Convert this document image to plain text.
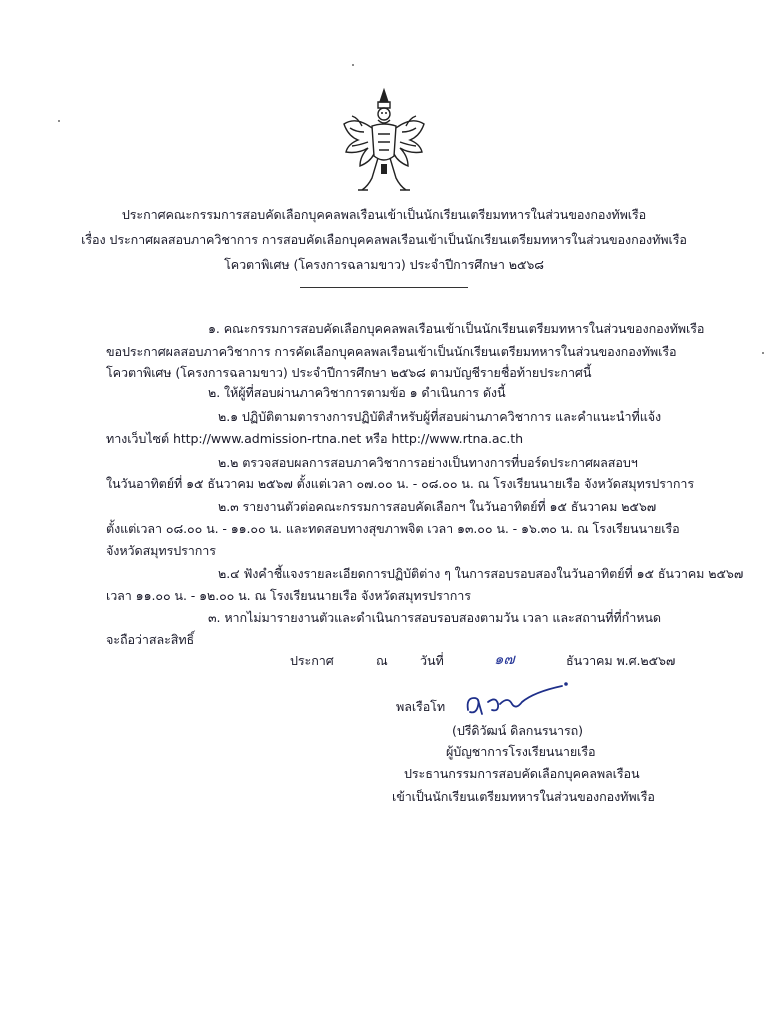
ประกาศคณะกรรมการสอบคัดเลือกบุคคลพลเรือนเข้าเป็นนักเรียนเตรียมทหารในส่วนของกองทัพเรือ
เรื่อง ประกาศผลสอบภาควิชาการ การสอบคัดเลือกบุคคลพลเรือนเข้าเป็นนักเรียนเตรียมทหารในส่วนของกองทัพเรือ
โควตาพิเศษ (โครงการฉลามขาว) ประจำปีการศึกษา ๒๕๖๘
๑. คณะกรรมการสอบคัดเลือกบุคคลพลเรือนเข้าเป็นนักเรียนเตรียมทหารในส่วนของกองทัพเรือ
ขอประกาศผลสอบภาควิชาการ การคัดเลือกบุคคลพลเรือนเข้าเป็นนักเรียนเตรียมทหารในส่วนของกองทัพเรือ
โควตาพิเศษ (โครงการฉลามขาว) ประจำปีการศึกษา ๒๕๖๘ ตามบัญชีรายชื่อท้ายประกาศนี้
๒. ให้ผู้ที่สอบผ่านภาควิชาการตามข้อ ๑ ดำเนินการ ดังนี้
๒.๑ ปฏิบัติตามตารางการปฏิบัติสำหรับผู้ที่สอบผ่านภาควิชาการ และคำแนะนำที่แจ้ง
ทางเว็บไซต์ http://www.admission-rtna.net หรือ http://www.rtna.ac.th
๒.๒ ตรวจสอบผลการสอบภาควิชาการอย่างเป็นทางการที่บอร์ดประกาศผลสอบฯ
ในวันอาทิตย์ที่ ๑๕ ธันวาคม ๒๕๖๗ ตั้งแต่เวลา ๐๗.๐๐ น. - ๐๘.๐๐ น. ณ โรงเรียนนายเรือ จังหวัดสมุทรปราการ
๒.๓ รายงานตัวต่อคณะกรรมการสอบคัดเลือกฯ ในวันอาทิตย์ที่ ๑๕ ธันวาคม ๒๕๖๗
ตั้งแต่เวลา ๐๘.๐๐ น. - ๑๑.๐๐ น. และทดสอบทางสุขภาพจิต เวลา ๑๓.๐๐ น. - ๑๖.๓๐ น. ณ โรงเรียนนายเรือ
จังหวัดสมุทรปราการ
๒.๔ ฟังคำชี้แจงรายละเอียดการปฏิบัติต่าง ๆ ในการสอบรอบสองในวันอาทิตย์ที่ ๑๕ ธันวาคม ๒๕๖๗
เวลา ๑๑.๐๐ น. - ๑๒.๐๐ น. ณ โรงเรียนนายเรือ จังหวัดสมุทรปราการ
๓. หากไม่มารายงานตัวและดำเนินการสอบรอบสองตามวัน เวลา และสถานที่ที่กำหนด
จะถือว่าสละสิทธิ์
ประกาศ	ณ	วันที่	๑๗	ธันวาคม พ.ศ.๒๕๖๗
พลเรือโท
(ปรีดิวัฒน์ ดิลกนรนารถ)
ผู้บัญชาการโรงเรียนนายเรือ
ประธานกรรมการสอบคัดเลือกบุคคลพลเรือน
เข้าเป็นนักเรียนเตรียมทหารในส่วนของกองทัพเรือ
